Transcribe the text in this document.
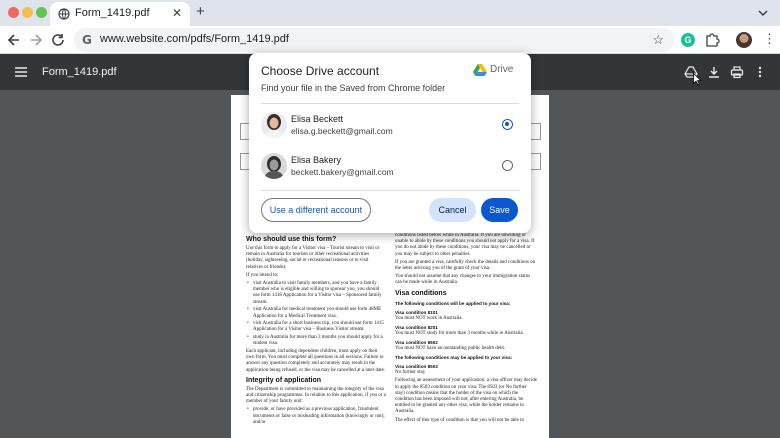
Form_1419.pdf ✕ +
G www.website.com/pdfs/Form_1419.pdf	☆	G	⋮
Form_1419.pdf
Who should use this form?
Use this form to apply for a Visitor visa – Tourist stream to visit or remain in Australia for tourism or other recreational activities (holiday, sightseeing, social or recreational reasons or to visit relatives or friends).
If you intend to:
• visit Australia to visit family members, and you have a family member who is eligible and willing to sponsor you, you should use form 1418 Application for a Visitor visa – Sponsored family stream.
• visit Australia for medical treatment you should use form 48ME Application for a Medical Treatment visa.
• visit Australia for a short business trip, you should use form 1415 Application for a Visitor visa – Business Visitor stream.
• study in Australia for more than 3 months you should apply for a student visa.
Each applicant, including dependent children, must apply on their own form. You must complete all questions in all sections. Failure to answer any question completely and accurately may result in the application being refused, or the visa may be cancelled at a later date.
Integrity of application
The Department is committed to maintaining the integrity of the visa and citizenship programmes. In relation to this application, if you or a member of your family unit:
• provide, or have provided as a previous application, fraudulent documents or false or misleading information (knowingly or not); and/or
conditions listed below while in Australia. If you are unwilling or unable to abide by these conditions you should not apply for a visa. If you do not abide by these conditions, your visa may be cancelled or you may be subject to other penalties.
If you are granted a visa, carefully check the details and conditions on the letter advising you of the grant of your visa.
You should not assume that any changes to your immigration status can be made while in Australia.
Visa conditions
The following conditions will be applied to your visa:
Visa condition 8101
You must NOT work in Australia.
Visa condition 8201
You must NOT study for more than 3 months while in Australia.
Visa condition 8602
You must NOT have an outstanding public health debt.
The following conditions may be applied to your visa:
Visa condition 8503
No further stay
Following an assessment of your application, a visa officer may decide to apply the 8503 condition on your visa. The 8503 (or No further stay) condition means that the holder of the visa on which the condition has been imposed will not, after entering Australia, be entitled to be granted any other visa, while the holder remains in Australia.
The effect of this type of condition is that you will not be able to
Choose Drive account
Find your file in the Saved from Chrome folder
Drive
Elisa Beckett
elisa.g.beckett@gmail.com
Elisa Bakery
beckett.bakery@gmail.com
Use a different account	Cancel	Save
